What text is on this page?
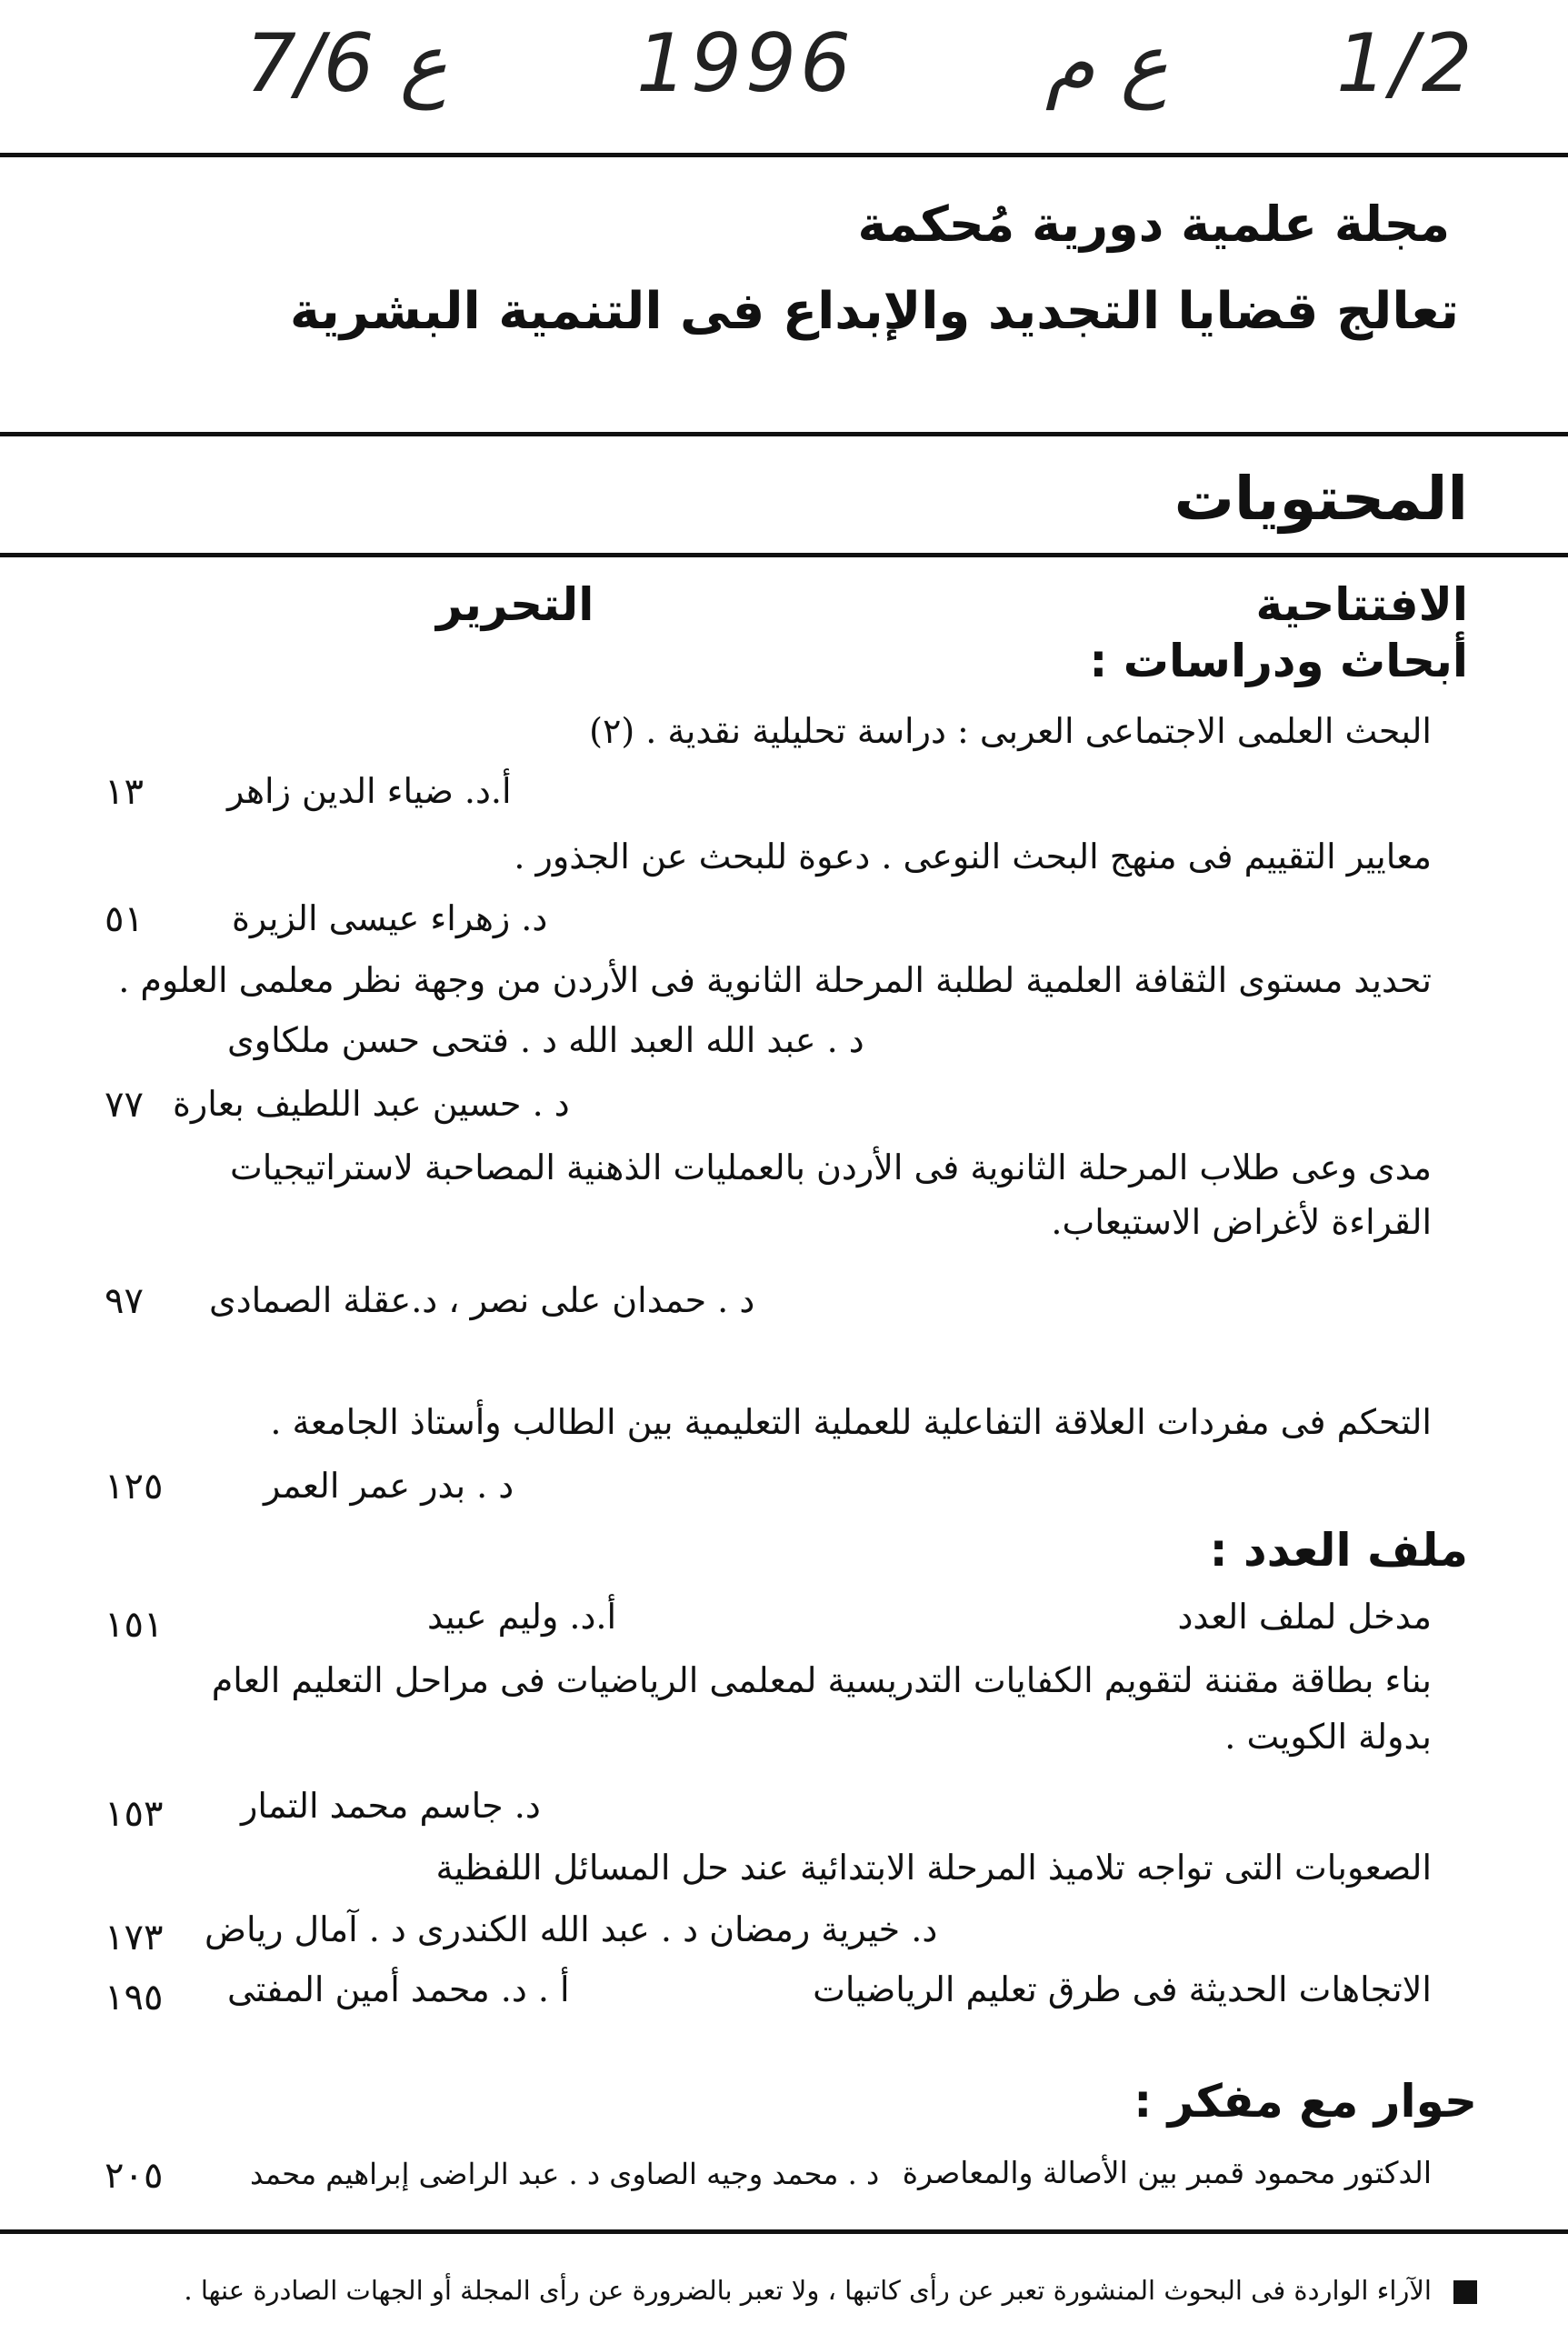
1/2
ع م
1996
7/6 ع
مجلة علمية دورية مُحكمة
تعالج قضايا التجديد والإبداع فى التنمية البشرية
المحتويات
الافتتاحية
التحرير
أبحاث ودراسات :
البحث العلمى الاجتماعى العربى : دراسة تحليلية نقدية . (٢)
أ.د. ضياء الدين زاهر
١٣
معايير التقييم فى منهج البحث النوعى . دعوة للبحث عن الجذور .
د. زهراء عيسى الزيرة
٥١
تحديد مستوى الثقافة العلمية لطلبة المرحلة الثانوية فى الأردن من وجهة نظر معلمى العلوم .
د . عبد الله العبد الله د . فتحى حسن ملكاوى
د . حسين عبد اللطيف بعارة
٧٧
مدى وعى طلاب المرحلة الثانوية فى الأردن بالعمليات الذهنية المصاحبة لاستراتيجيات
القراءة لأغراض الاستيعاب.
د . حمدان على نصر ، د.عقلة الصمادى
٩٧
التحكم فى مفردات العلاقة التفاعلية للعملية التعليمية بين الطالب وأستاذ الجامعة .
د . بدر عمر العمر
١٢٥
ملف العدد :
مدخل لملف العدد
أ.د. وليم عبيد
١٥١
بناء بطاقة مقننة لتقويم الكفايات التدريسية لمعلمى الرياضيات فى مراحل التعليم العام
بدولة الكويت .
د. جاسم محمد التمار
١٥٣
الصعوبات التى تواجه تلاميذ المرحلة الابتدائية عند حل المسائل اللفظية
د. خيرية رمضان د . عبد الله الكندرى د . آمال رياض
١٧٣
الاتجاهات الحديثة فى طرق تعليم الرياضيات
أ . د. محمد أمين المفتى
١٩٥
حوار مع مفكر :
الدكتور محمود قمبر بين الأصالة والمعاصرة
د . محمد وجيه الصاوى د . عبد الراضى إبراهيم محمد
٢٠٥
الآراء الواردة فى البحوث المنشورة تعبر عن رأى كاتبها ، ولا تعبر بالضرورة عن رأى المجلة أو الجهات الصادرة عنها .
